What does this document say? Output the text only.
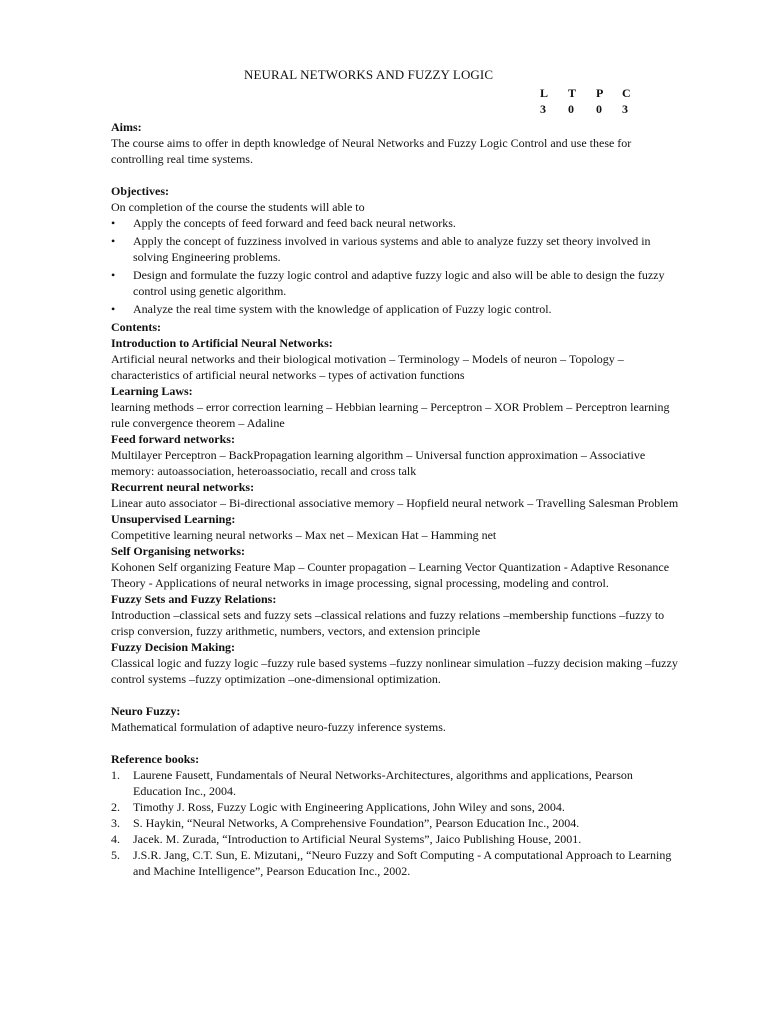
NEURAL NETWORKS AND FUZZY LOGIC
L T P C
3 0 0 3
Aims:
The course aims to offer in depth knowledge of Neural Networks and Fuzzy Logic Control and use these for controlling real time systems.
Objectives:
On completion of the course the students will able to
• Apply the concepts of feed forward and feed back neural networks.
• Apply the concept of fuzziness involved in various systems and able to analyze fuzzy set theory involved in solving Engineering problems.
• Design and formulate the fuzzy logic control and adaptive fuzzy logic and also will be able to design the fuzzy control using genetic algorithm.
• Analyze the real time system with the knowledge of application of Fuzzy logic control.
Contents:
Introduction to Artificial Neural Networks:
Artificial neural networks and their biological motivation – Terminology – Models of neuron – Topology – characteristics of artificial neural networks – types of activation functions
Learning Laws:
learning methods – error correction learning – Hebbian learning – Perceptron – XOR Problem – Perceptron learning rule convergence theorem – Adaline
Feed forward networks:
Multilayer Perceptron – BackPropagation learning algorithm – Universal function approximation – Associative memory: autoassociation, heteroassociatio, recall and cross talk
Recurrent neural networks:
Linear auto associator – Bi-directional associative memory – Hopfield neural network – Travelling Salesman Problem
Unsupervised Learning:
Competitive learning neural networks – Max net – Mexican Hat – Hamming net
Self Organising networks:
Kohonen Self organizing Feature Map – Counter propagation – Learning Vector Quantization - Adaptive Resonance Theory - Applications of neural networks in image processing, signal processing, modeling and control.
Fuzzy Sets and Fuzzy Relations:
Introduction –classical sets and fuzzy sets –classical relations and fuzzy relations –membership functions –fuzzy to crisp conversion, fuzzy arithmetic, numbers, vectors, and extension principle
Fuzzy Decision Making:
Classical logic and fuzzy logic –fuzzy rule based systems –fuzzy nonlinear simulation –fuzzy decision making –fuzzy control systems –fuzzy optimization –one-dimensional optimization.
Neuro Fuzzy:
Mathematical formulation of adaptive neuro-fuzzy inference systems.
Reference books:
1. Laurene Fausett, Fundamentals of Neural Networks-Architectures, algorithms and applications, Pearson Education Inc., 2004.
2. Timothy J. Ross, Fuzzy Logic with Engineering Applications, John Wiley and sons, 2004.
3. S. Haykin, “Neural Networks, A Comprehensive Foundation”, Pearson Education Inc., 2004.
4. Jacek. M. Zurada, “Introduction to Artificial Neural Systems”, Jaico Publishing House, 2001.
5. J.S.R. Jang, C.T. Sun, E. Mizutani,, “Neuro Fuzzy and Soft Computing - A computational Approach to Learning and Machine Intelligence”, Pearson Education Inc., 2002.
